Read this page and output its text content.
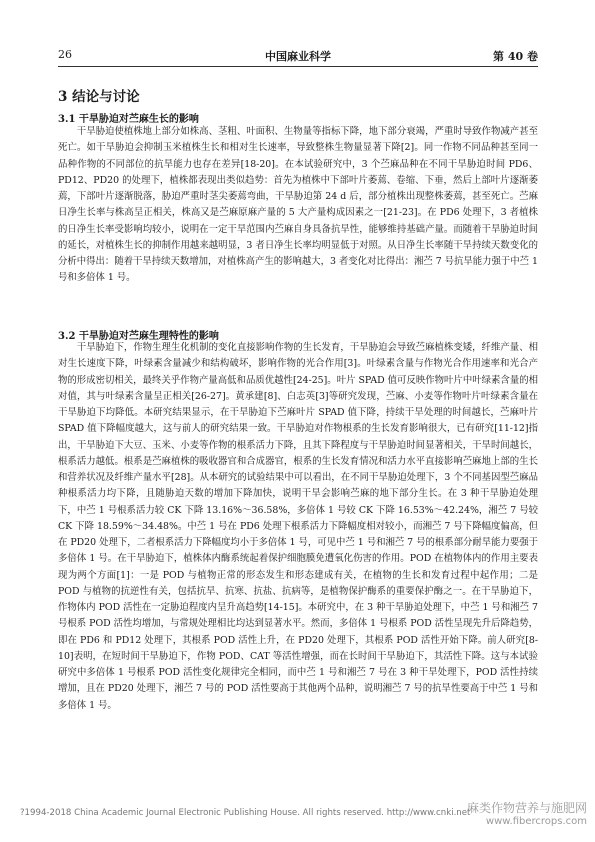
26	中国麻业科学	第 40 卷
3 结论与讨论
3.1 干旱胁迫对苎麻生长的影响
干旱胁迫使植株地上部分如株高、茎粗、叶面积、生物量等指标下降，地下部分衰竭，严重时导致作物减产甚至死亡。如干旱胁迫会抑制玉米植株生长和相对生长速率，导致整株生物量显著下降[2]。同一作物不同品种甚至同一品种作物的不同部位的抗旱能力也存在差异[18-20]。在本试验研究中，3 个苎麻品种在不同干旱胁迫时间 PD6、PD12、PD20 的处理下，植株都表现出类似趋势：首先为植株中下部叶片萎蔫、卷缩、下垂，然后上部叶片逐渐萎蔫，下部叶片逐渐脱落，胁迫严重时茎尖萎蔫弯曲，干旱胁迫第 24 d 后，部分植株出现整株萎蔫，甚至死亡。苎麻日净生长率与株高呈正相关，株高又是苎麻原麻产量的 5 大产量构成因素之一[21-23]。在 PD6 处理下，3 者植株的日净生长率受影响均较小，说明在一定干旱范围内苎麻自身具备抗旱性，能够维持基础产量。而随着干旱胁迫时间的延长，对植株生长的抑制作用越来越明显，3 者日净生长率均明显低于对照。从日净生长率随干旱持续天数变化的分析中得出：随着干旱持续天数增加，对植株高产生的影响越大，3 者变化对比得出：湘苎 7 号抗旱能力强于中苎 1 号和多倍体 1 号。
3.2 干旱胁迫对苎麻生理特性的影响
干旱胁迫下，作物生理生化机制的变化直接影响作物的生长发育，干旱胁迫会导致苎麻植株变矮，纤维产量、相对生长速度下降，叶绿素含量减少和结构破坏，影响作物的光合作用[3]。叶绿素含量与作物光合作用速率和光合产物的形成密切相关，最终关乎作物产量高低和品质优越性[24-25]。叶片 SPAD 值可反映作物叶片中叶绿素含量的相对值，其与叶绿素含量呈正相关[26-27]。黄承建[8]、白志英[3]等研究发现，苎麻、小麦等作物叶片叶绿素含量在干旱胁迫下均降低。本研究结果显示，在干旱胁迫下苎麻叶片 SPAD 值下降，持续干旱处理的时间越长，苎麻叶片 SPAD 值下降幅度越大，这与前人的研究结果一致。干旱胁迫对作物根系的生长发育影响很大，已有研究[11-12]指出，干旱胁迫下大豆、玉米、小麦等作物的根系活力下降，且其下降程度与干旱胁迫时间显著相关，干旱时间越长，根系活力越低。根系是苎麻植株的吸收器官和合成器官，根系的生长发育情况和活力水平直接影响苎麻地上部的生长和营养状况及纤维产量水平[28]。从本研究的试验结果中可以看出，在不同干旱胁迫处理下，3 个不同基因型苎麻品种根系活力均下降，且随胁迫天数的增加下降加快，说明干旱会影响苎麻的地下部分生长。在 3 种干旱胁迫处理下，中苎 1 号根系活力较 CK 下降 13.16%～36.58%，多倍体 1 号较 CK 下降 16.53%～42.24%，湘苎 7 号较 CK 下降 18.59%～34.48%。中苎 1 号在 PD6 处理下根系活力下降幅度相对较小，而湘苎 7 号下降幅度偏高，但在 PD20 处理下，二者根系活力下降幅度均小于多倍体 1 号，可见中苎 1 号和湘苎 7 号的根系部分耐旱能力要强于多倍体 1 号。在干旱胁迫下，植株体内酶系统起着保护细胞膜免遭氧化伤害的作用。POD 在植物体内的作用主要表现为两个方面[1]：一是 POD 与植物正常的形态发生和形态建成有关，在植物的生长和发育过程中起作用；二是 POD 与植物的抗逆性有关，包括抗旱、抗寒、抗盐、抗病等，是植物保护酶系的重要保护酶之一。在干旱胁迫下，作物体内 POD 活性在一定胁迫程度内呈升高趋势[14-15]。本研究中，在 3 种干旱胁迫处理下，中苎 1 号和湘苎 7 号根系 POD 活性均增加，与常规处理相比均达到显著水平。然而，多倍体 1 号根系 POD 活性呈现先升后降趋势，即在 PD6 和 PD12 处理下，其根系 POD 活性上升，在 PD20 处理下，其根系 POD 活性开始下降。前人研究[8-10]表明，在短时间干旱胁迫下，作物 POD、CAT 等活性增强，而在长时间干旱胁迫下，其活性下降。这与本试验研究中多倍体 1 号根系 POD 活性变化规律完全相同，而中苎 1 号和湘苎 7 号在 3 种干旱处理下，POD 活性持续增加，且在 PD20 处理下，湘苎 7 号的 POD 活性要高于其他两个品种，说明湘苎 7 号的抗旱性要高于中苎 1 号和多倍体 1 号。
?1994-2018 China Academic Journal Electronic Publishing House. All rights reserved. http://www.cnki.net
麻类作物营养与施肥网
www.fibercrops.com
